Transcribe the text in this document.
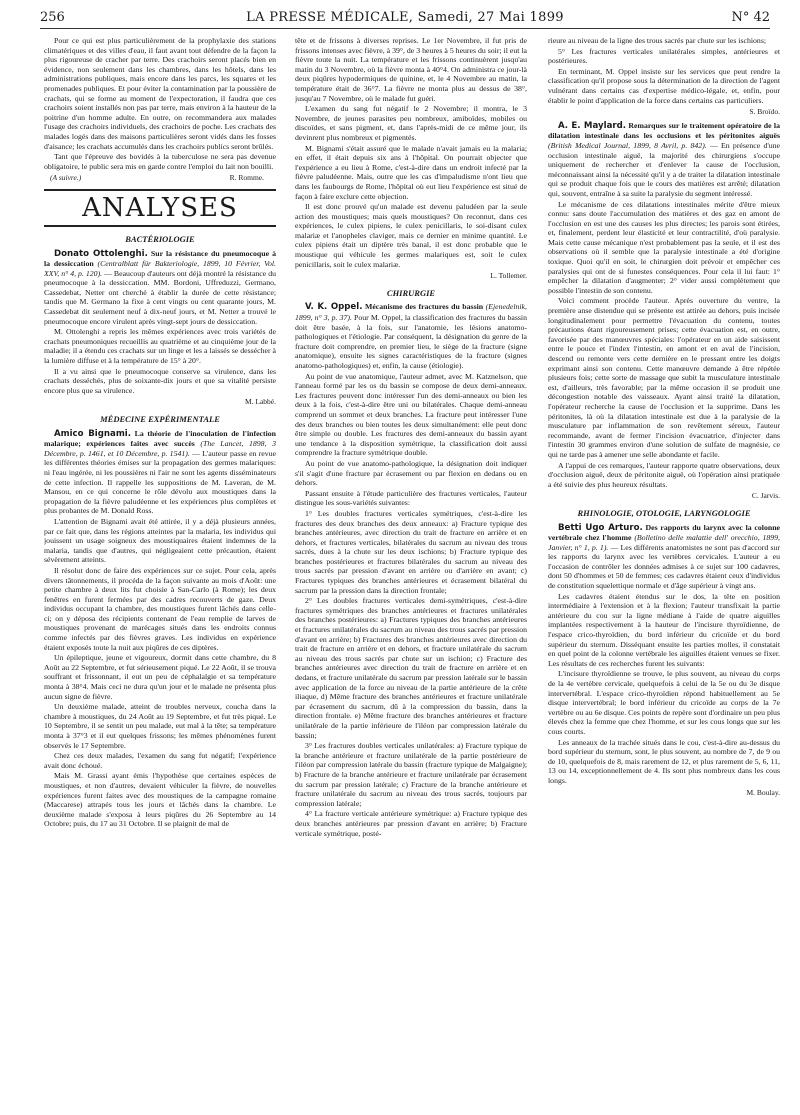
256	LA PRESSE MÉDICALE, Samedi, 27 Mai 1899	N° 42

Pour ce qui est plus particulièrement de la prophylaxie des stations climatériques et des villes d'eau, il faut avant tout défendre de la façon la plus rigoureuse de cracher par terre. Des crachoirs seront placés bien en évidence, non seulement dans les chambres, dans les hôtels, dans les administrations publiques, mais encore dans les parcs, les squares et les promenades publiques. Et pour éviter la contamination par la poussière de crachats, qui se forme au moment de l'expectoration, il faudra que ces crachoirs soient installés non pas par terre, mais environ à la hauteur de la poitrine d'un homme adulte. En outre, on recommandera aux malades l'usage des crachoirs individuels, des crachoirs de poche. Les crachats des malades logés dans des maisons particulières seront vidés dans les fosses d'aisance; les crachats accumulés dans les crachoirs publics seront brûlés.

Tant que l'épreuve des bovidés à la tuberculose ne sera pas devenue obligatoire, le public sera mis en garde contre l'emploi du lait non bouilli.

(A suivre.)	R. Romme.
ANALYSES
BACTÉRIOLOGIE

Donato Ottolenghi. Sur la résistance du pneumocoque à la dessiccation (Centralblatt für Bakteriologie, 1899, 10 Février, Vol. XXV, n° 4, p. 120). — Beaucoup d'auteurs ont déjà montré la résistance du pneumocoque à la dessiccation. MM. Bordoni, Uffreduzzi, Germano, Cassedebat, Netter ont cherché à établir la durée de cette résistance; tandis que M. Germano la fixe à cent vingts ou cent quarante jours, M. Cassedebat dit seulement neuf à dix-neuf jours, et M. Netter a trouvé le pneumocoque encore virulent après vingt-sept jours de dessiccation.

M. Ottolenghi a repris les mêmes expériences avec trois variétés de crachats pneumoniques recueillis au quatrième et au cinquième jour de la maladie; il a étendu ces crachats sur un linge et les a laissés se dessécher à la lumière diffuse et à la température de 15° à 20°.

Il a vu ainsi que le pneumocoque conserve sa virulence, dans les crachats desséchés, plus de soixante-dix jours et que sa vitalité persiste encore plus que sa virulence.

M. Labbé.
MÉDECINE EXPÉRIMENTALE

Amico Bignami. La théorie de l'inoculation de l'infection malarique; expériences faites avec succès (The Lancet, 1898, 3 Décembre, p. 1461, et 10 Décembre, p. 1541). — L'auteur passe en revue les différentes théories émises sur la propagation des germes malariques: ni l'eau ingérée, ni les poussières ni l'air ne sont les agents disséminateurs de cette infection. Il rappelle les suppositions de M. Laveran, de M. Mansou, en ce qui concerne le rôle dévolu aux moustiques dans la propagation de la fièvre paludéenne et les expériences plus complètes et plus probantes de M. Donald Ross.

L'attention de Bignami avait été attirée, il y a déjà plusieurs années, par ce fait que, dans les régions atteintes par la malaria, les individus qui jouissent un usage soigneux des moustiquaires étaient indemnes de la malaria, tandis que d'autres, qui négligeaient cette précaution, étaient sévèrement atteints.

Il résolut donc de faire des expériences sur ce sujet. Pour cela, après divers tâtonnements, il procéda de la façon suivante au mois d'Août: une petite chambre à deux lits fut choisie à San-Carlo (à Rome); les deux fenêtres en furent fermées par des cadres recouverts de gaze. Deux individus occupant la chambre, des moustiques furent lâchés dans celle-ci; on y déposa des récipients contenant de l'eau remplie de larves de moustiques provenant de marécages situés dans les endroits connus comme infectés par des fièvres graves. Les individus en expérience étaient exposés toute la nuit aux piqûres de ces diptères.

Un épileptique, jeune et vigoureux, dormit dans cette chambre, du 8 Août au 22 Septembre, et fut sérieusement piqué. Le 22 Août, il se trouva souffrant et frissonnant, il eut un peu de céphalalgie et sa température monta à 38°4. Mais ceci ne dura qu'un jour et le malade ne présenta plus aucun signe de fièvre.

Un deuxième malade, atteint de troubles nerveux, coucha dans la chambre à moustiques, du 24 Août au 19 Septembre, et fut très piqué. Le 10 Septembre, il se sentit un peu malade, eut mal à la tête; sa température monta à 37°3 et il eut quelques frissons; les mêmes phénomènes furent observés le 17 Septembre.

Chez ces deux malades, l'examen du sang fut négatif; l'expérience avait donc échoué.

Mais M. Grassi ayant émis l'hypothèse que certaines espèces de moustiques, et non d'autres, devaient véhiculer la fièvre, de nouvelles expériences furent faites avec des moustiques de la campagne romaine (Maccarese) attrapés tous les jours et lâchés dans la chambre. Le deuxième malade s'exposa à leurs piqûres du 26 Septembre au 14 Octobre; puis, du 17 au 31 Octobre. Il se plaignit de mal de

tête et de frissons à diverses reprises. Le 1er Novembre, il fut pris de frissons intenses avec fièvre, à 39°, de 3 heures à 5 heures du soir; il eut la fièvre toute la nuit. La température et les frissons continuèrent jusqu'au matin du 3 Novembre, où la fièvre monta à 40°4. On administra ce jour-là deux piqûres hypodermiques de quinine, et, le 4 Novembre au matin, la température était de 36°7. La fièvre ne monta plus au dessus de 38°, jusqu'au 7 Novembre, où le malade fut guéri.

L'examen du sang fut négatif le 2 Novembre; il montra, le 3 Novembre, de jeunes parasites peu nombreux, amiboïdes, mobiles ou discoïdes, et sans pigment, et, dans l'après-midi de ce même jour, ils devinrent plus nombreux et pigmentés.

M. Bignami s'était assuré que le malade n'avait jamais eu la malaria; en effet, il était depuis six ans à l'hôpital. On pourrait objecter que l'expérience a eu lieu à Rome, c'est-à-dire dans un endroit infecté par la fièvre paludéenne. Mais, outre que les cas d'impaludisme n'ont lieu que dans les faubourgs de Rome, l'hôpital où eut lieu l'expérience est situé de façon à faire exclure cette objection.

Il est donc prouvé qu'un malade est devenu paludéen par la seule action des moustiques; mais quels moustiques? On reconnut, dans ces expériences, le culex pipiens, le culex penicillaris, le soi-disant culex malariæ et l'anopheles claviger, mais ce dernier en minime quantité. Le culex pipiens était un diptère très banal, il est donc probable que le moustique qui véhicule les germes malariques est, soit le culex penicillaris, soit le culex malariæ.

L. Tollemer.
CHIRURGIE

V. K. Oppel. Mécanisme des fractures du bassin (Ejenedelnik, 1899, n° 3, p. 37). Pour M. Oppel, la classification des fractures du bassin doit être basée, à la fois, sur l'anatomie, les lésions anatomo-pathologiques et l'étiologie. Par conséquent, la désignation du genre de la fracture doit comprendre, en premier lieu, le siège de la fracture (signe anatomique), ensuite les signes caractéristiques de la fracture (signes anatomo-pathologiques) et, enfin, la cause (étiologie).

Au point de vue anatomique, l'auteur admet, avec M. Katznelson, que l'anneau formé par les os du bassin se compose de deux demi-anneaux. Les fractures peuvent donc intéresser l'un des demi-anneaux ou bien les deux à la fois, c'est-à-dire être uni ou bilatérales. Chaque demi-anneau comprend un sommet et deux branches. La fracture peut intéresser l'une des deux branches ou bien toutes les deux simultanément: elle peut donc être simple ou double. Les fractures des demi-anneaux du bassin ayant une tendance à la disposition symétrique, la classification doit aussi comprendre la fracture symétrique double.

Au point de vue anatomo-pathologique, la désignation doit indiquer s'il s'agit d'une fracture par écrasement ou par flexion en dedans ou en dehors.

Passant ensuite à l'étude particulière des fractures verticales, l'auteur distingue les sous-variétés suivantes:

1° Les doubles fractures verticales symétriques, c'est-à-dire les fractures des deux branches des deux anneaux: a) Fracture typique des branches antérieures, avec direction du trait de fracture en arrière et en dehors, et fractures verticales, bilatérales du sacrum au niveau des trous sacrés, dues à la chute sur les deux ischions; b) Fracture typique des branches postérieures et fractures bilatérales du sacrum au niveau des trous sacrés par pression d'avant en arrière ou d'arrière en avant; c) Fractures typiques des branches antérieures et écrasement bilatéral du sacrum par la pression dans la direction frontale;

2° Les doubles fractures verticales demi-symétriques, c'est-à-dire fractures symétriques des branches antérieures et fractures unilatérales des branches postérieures: a) Fractures typiques des branches antérieures et fractures unilatérales du sacrum au niveau des trous sacrés par pression d'avant en arrière; b) Fractures des branches antérieures avec direction du trait de fracture en arrière et en dehors, et fracture unilatérale du sacrum au niveau des trous sacrés par chute sur un ischion; c) Fracture des branches antérieures avec direction du trait de fracture en arrière et en dedans, et fracture unilatérale du sacrum par pression latérale sur le bassin avec application de la force au niveau de la partie antérieure de la crête iliaque, d) Même fracture des branches antérieures et fracture unilatérale par écrasement du sacrum, dû à la compression du bassin, dans la direction frontale. e) Même fracture des branches antérieures et fracture unilatérale de la partie inférieure de l'iléon par compression latérale du bassin;

3° Les fractures doubles verticales unilatérales: a) Fracture typique de la branche antérieure et fracture unilatérale de la partie postérieure de l'iléon par compression latérale du bassin (fracture typique de Malgaigne); b) Fracture de la branche antérieure et fracture unilatérale par écrasement du sacrum par pression latérale; c) Fracture de la branche antérieure et fracture unilatérale du sacrum au niveau des trous sacrés, toujours par compression latérale;

4° La fracture verticale antérieure symétrique: a) Fracture typique des deux branches antérieures par pression d'avant en arrière; b) Fracture verticale symétrique, posté-

rieure au niveau de la ligne des trous sacrés par chute sur les ischions;

5° Les fractures verticales unilatérales simples, antérieures et postérieures.

En terminant, M. Oppel insiste sur les services que peut rendre la classification qu'il propose sous la détermination de la direction de l'agent vulnérant dans certains cas d'expertise médico-légale, et, enfin, pour établir le point d'application de la force dans certains cas particuliers.

S. Broïdo.

A. E. Maylard. Remarques sur le traitement opératoire de la dilatation intestinale dans les occlusions et les péritonites aiguës (British Medical Journal, 1899, 8 Avril, p. 842). — En présence d'une occlusion intestinale aiguë, la majorité des chirurgiens s'occupe uniquement de rechercher et d'enlever la cause de l'occlusion, méconnaissant ainsi la nécessité qu'il y a de traiter la dilatation intestinale qui se produit chaque fois que le cours des matières est arrêté; dilatation qui, souvent, entraîne à sa suite la paralysie du segment intéressé.

Le mécanisme de ces dilatations intestinales mérite d'être mieux connu: sans doute l'accumulation des matières et des gaz en amont de l'occlusion en est une des causes les plus directes; les parois sont étirées, et, finalement, perdent leur élasticité et leur contractilité, d'où paralysie. Mais cette cause mécanique n'est probablement pas la seule, et il est des observations où il semble que la paralysie intestinale a été d'origine toxique. Quoi qu'il en soit, le chirurgien doit prévoir et empêcher ces paralysies qui ont de si funestes conséquences. Pour cela il lui faut: 1° empêcher la dilatation d'augmenter; 2° vider aussi complètement que possible l'intestin de son contenu.

Voici comment procède l'auteur. Après ouverture du ventre, la première anse distendue qui se présente est attirée au dehors, puis incisée longitudinalement pour permettre l'évacuation du contenu, toutes précautions étant rigoureusement prises; cette évacuation est, en outre, favorisée par des manœuvres spéciales: l'opérateur en un aide saisissent entre le pouce et l'index l'intestin, en amont et en aval de l'incision, descend ou remonte vers cette dernière en le pressant entre les doigts exprimant ainsi son contenu. Cette manœuvre demande à être répétée plusieurs fois; cette sorte de massage que subit la musculature intestinale est, d'ailleurs, très favorable; par la même occasion il se produit une décongestion notable des vaisseaux. Ayant ainsi traité la dilatation, l'opérateur recherche la cause de l'occlusion et la supprime. Dans les péritonites, là où la dilatation intestinale est due à la paralysie de la musculature par inflammation de son revêtement séreux, l'auteur recommande, avant de fermer l'incision évacuatrice, d'injecter dans l'intestin 30 grammes environ d'une solution de sulfate de magnésie, ce qui ne tarde pas à amener une selle abondante et facile.

A l'appui de ces remarques, l'auteur rapporte quatre observations, deux d'occlusion aiguë, deux de péritonite aiguë, où l'opération ainsi pratiquée a été suivie des plus heureux résultats.

C. Jarvis.
RHINOLOGIE, OTOLOGIE, LARYNGOLOGIE

Betti Ugo Arturo. Des rapports du larynx avec la colonne vertébrale chez l'homme (Bolletino delle malattie dell' orecchio, 1899, Janvier, n° 1, p. 1). — Les différents anatomistes ne sont pas d'accord sur les rapports du larynx avec les vertèbres cervicales. L'auteur a eu l'occasion de contrôler les données admises à ce sujet sur 100 cadavres, dont 50 d'hommes et 50 de femmes; ces cadavres étaient ceux d'individus de constitution squelettique normale et d'âge supérieur à vingt ans.

Les cadavres étaient étendus sur le dos, la tête en position intermédiaire à l'extension et à la flexion; l'auteur transfixait la partie antérieure du cou sur la ligne médiane à l'aide de quatre aiguilles implantées respectivement à la hauteur de l'incisure thyroïdienne, de l'espace crico-thyroïdien, du bord inférieur du cricoïde et du bord supérieur du sternum. Disséquant ensuite les parties molles, il constatait en quel point de la colonne vertébrale les aiguilles étaient venues se fixer. Les résultats de ces recherches furent les suivants:

L'incisure thyroïdienne se trouve, le plus souvent, au niveau du corps de la 4e vertèbre cervicale, quelquefois à celui de la 5e ou du 3e disque intervertébral. L'espace crico-thyroïdien répond habituellement au 5e disque intervertébral; le bord inférieur du cricoïde au corps de la 7e vertèbre ou au 6e disque. Ces points de repère sont d'ordinaire un peu plus élevés chez la femme que chez l'homme, et sur les cous longs que sur les cous courts.

Les anneaux de la trachée situés dans le cou, c'est-à-dire au-dessus du bord supérieur du sternum, sont, le plus souvent, au nombre de 7, de 9 ou de 10, quelquefois de 8, mais rarement de 12, et plus rarement de 5, 6, 11, 13 ou 14, exceptionnellement de 4. Ils sont plus nombreux dans les cous longs.

M. Boulay.
